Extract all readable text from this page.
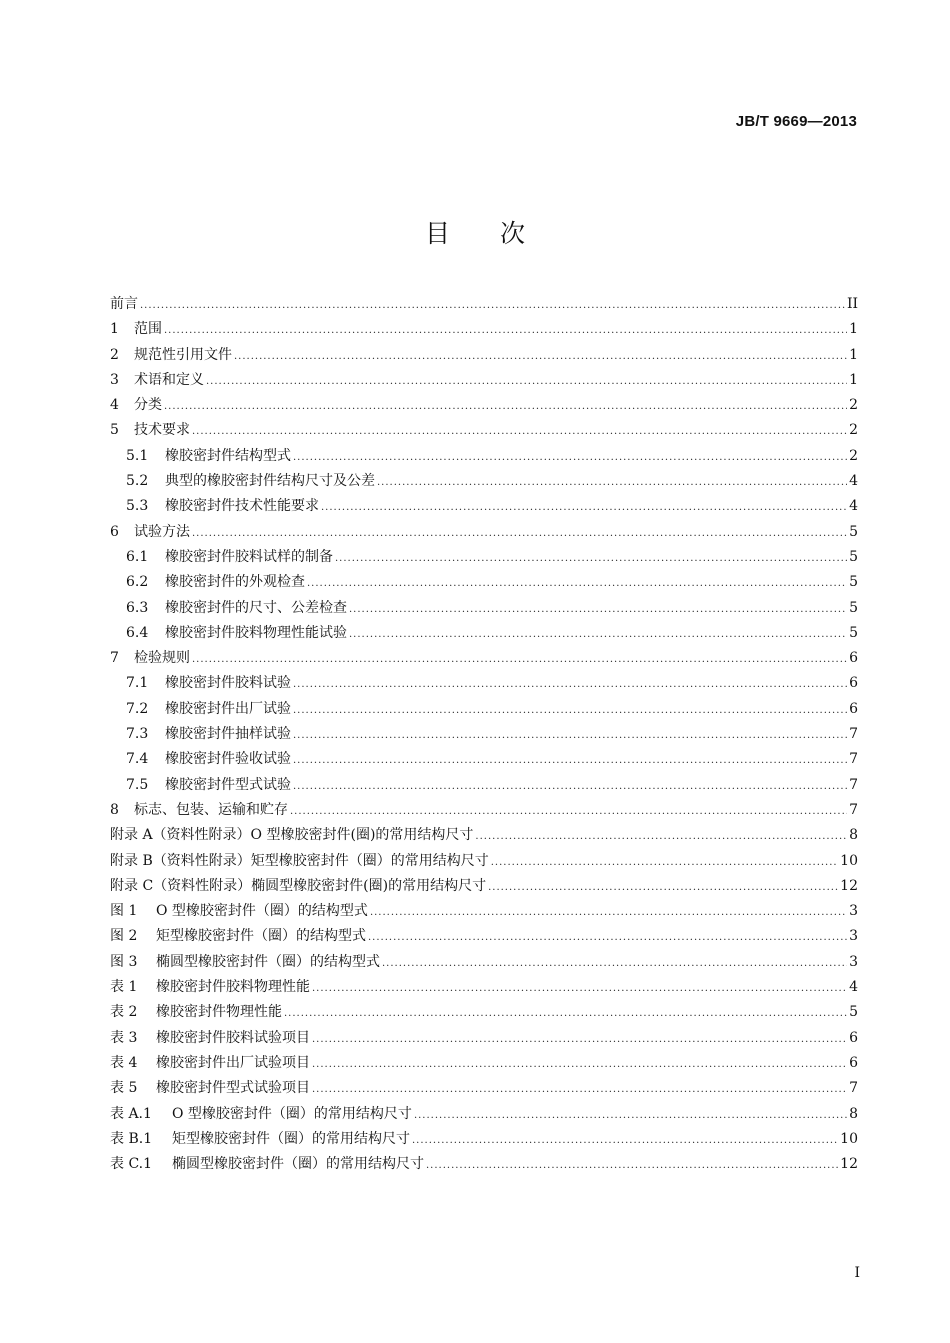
JB/T 9669—2013
目 次
前言 .....	II
1	范围 .....	1
2	规范性引用文件 .....	1
3	术语和定义 .....	1
4	分类 .....	2
5	技术要求 .....	2
5.1	橡胶密封件结构型式 .....	2
5.2	典型的橡胶密封件结构尺寸及公差 .....	4
5.3	橡胶密封件技术性能要求 .....	4
6	试验方法 .....	5
6.1	橡胶密封件胶料试样的制备 .....	5
6.2	橡胶密封件的外观检查 .....	5
6.3	橡胶密封件的尺寸、公差检查 .....	5
6.4	橡胶密封件胶料物理性能试验 .....	5
7	检验规则 .....	6
7.1	橡胶密封件胶料试验 .....	6
7.2	橡胶密封件出厂试验 .....	6
7.3	橡胶密封件抽样试验 .....	7
7.4	橡胶密封件验收试验 .....	7
7.5	橡胶密封件型式试验 .....	7
8	标志、包装、运输和贮存 .....	7
附录 A（资料性附录）O 型橡胶密封件(圈)的常用结构尺寸 .....	8
附录 B（资料性附录）矩型橡胶密封件（圈）的常用结构尺寸 .....	10
附录 C（资料性附录）椭圆型橡胶密封件(圈)的常用结构尺寸 .....	12
图 1	O 型橡胶密封件（圈）的结构型式 .....	3
图 2	矩型橡胶密封件（圈）的结构型式 .....	3
图 3	椭圆型橡胶密封件（圈）的结构型式 .....	3
表 1	橡胶密封件胶料物理性能 .....	4
表 2	橡胶密封件物理性能 .....	5
表 3	橡胶密封件胶料试验项目 .....	6
表 4	橡胶密封件出厂试验项目 .....	6
表 5	橡胶密封件型式试验项目 .....	7
表 A.1	O 型橡胶密封件（圈）的常用结构尺寸 .....	8
表 B.1	矩型橡胶密封件（圈）的常用结构尺寸 .....	10
表 C.1	椭圆型橡胶密封件（圈）的常用结构尺寸 .....	12
I
